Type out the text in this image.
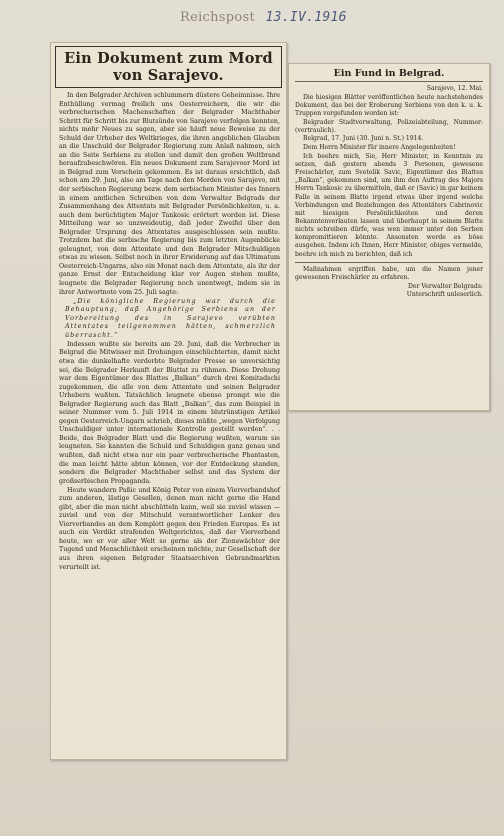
Reichspost 13.IV.1916
Ein Dokument zum Mord
von Sarajevo.

In den Belgrader Archiven schlummern düstere Geheimnisse. Ihre Enthüllung vermag freilich uns Oesterreichern, die wir die verbrecherischen Machenschaften der Belgrader Machthaber Schritt für Schritt bis zur Blutsünde von Sarajevo verfolgen konnten, nichts mehr Neues zu sagen, aber sie häuft neue Beweise zu der Schuld der Urheber des Weltkrieges, die ihren angeblichen Glauben an die Unschuld der Belgrader Regierung zum Anlaß nahmen, sich an die Seite Serbiens zu stellen und damit den großen Weltbrand heraufzubeschwören. Ein neues Dokument zum Sarajevoer Mord ist in Belgrad zum Vorschein gekommen. Es ist daraus ersichtlich, daß schon am 29. Juni, also am Tage nach den Morden von Sarajevo, mit der serbischen Regierung bezw. dem serbischen Minister des Innern in einem amtlichen Schreiben von dem Verwalter Belgrads der Zusammenhang des Attentats mit Belgrader Persönlichkeiten, u. a. auch dem berüchtigten Major Tankosic erörtert worden ist. Diese Mitteilung war so unzweideutig, daß jeder Zweifel über den Belgrader Ursprung des Attentates ausgeschlossen sein mußte. Trotzdem hat die serbische Regierung bis zum letzten Augenblicke geleugnet, von dem Attentate und den Belgrader Mitschuldigen etwas zu wissen. Selbst noch in ihrer Erwiderung auf das Ultimatum Oesterreich-Ungarns, also ein Monat nach dem Attentate, als ihr der ganze Ernst der Entscheidung klar vor Augen stehen mußte, leugnete die Belgrader Regierung noch unentwegt, indem sie in ihrer Antwortnote vom 25. Juli sagte:

„Die königliche Regierung war durch die Behauptung, daß Angehörige Serbiens an der Vorbereitung des in Sarajevo verübten Attentates teilgenommen hätten, schmerzlich überrascht.“

Indessen wußte sie bereits am 29. Juni, daß die Verbrecher in Belgrad die Mitwisser mit Drohungen einschüchterten, damit nicht etwa die dunkelhafte verderbte Belgrader Presse so unvorsichtig sei, die Belgrader Herkunft der Bluttat zu rühmen. Diese Drohung war dem Eigentümer des Blattes „Balkan“ durch drei Komitadschi zugekommen, die alle von dem Attentate und seinen Belgrader Urhebern wußten. Tatsächlich leugnete ebenso prompt wie die Belgrader Regierung auch das Blatt „Balkan“, das zum Beispiel in seiner Nummer vom 5. Juli 1914 in einem blutrünstigen Artikel gegen Oesterreich-Ungarn schrieb, dieses müßte „wegen Verfolgung Unschuldiger unter internationale Kontrolle gestellt werden“. . . Beide, das Belgrader Blatt und die Regierung wußten, warum sie leugneten. Sie kannten die Schuld und Schuldigen ganz genau und wußten, daß nicht etwa nur ein paar verbrecherische Phantasten, die man leicht hätte abtun können, vor der Entdeckung standen, sondern die Belgrader Machthaber selbst und das System der großserbischen Propaganda.

Heute wandern Paßic und König Peter von einem Vierverbandshof zum anderen, lästige Gesellen, denen man nicht gerne die Hand gibt, aber die man nicht abschütteln kann, weil sie zuviel wissen — zuviel und von der Mitschuld verantwortlicher Lenker des Vierverbandes an dem Komplott gegen den Frieden Europas. Es ist auch ein Verdikt strafenden Weltgerichtes, daß der Vierverband heute, wo er vor aller Welt so gerne als der Zionswächter der Tugend und Menschlichkeit erscheinen möchte, zur Gesellschaft der aus ihren eigenen Belgrader Staatsarchiven Gebrandmarkten verurteilt ist.

Ein Fund in Belgrad.

Sarajevo, 12. Mai.

Die hiesigen Blätter veröffentlichen heute nachstehendes Dokument, das bei der Eroberung Serbiens von den k. u. k. Truppen vorgefunden worden ist:

Belgrader Stadtverwaltung, Polizeiabteilung, Nummer: (vertraulich).

Belgrad, 17. Juni (30. Juni n. St.) 1914.

Dem Herrn Minister für innere Angelegenheiten!

Ich beehre mich, Sie, Herr Minister, in Kenntnis zu setzen, daß gestern abends 3 Personen, gewesene Freischärler, zum Svetolik Savic, Eigentümer des Blattes „Balkan“, gekommen sind, um ihm den Auftrag des Majors Herrn Tankosic zu übermitteln, daß er (Savic) in gar keinem Falle in seinem Blatte irgend etwas über irgend welche Verbindungen und Beziehungen des Attentäters Cabrinovic mit hiesigen Persönlichkeiten und deren Bekanntenverlauten lassen und überhaupt in seinem Blatte nichts schreiben dürfe, was wen immer unter den Serben kompromittieren könnte. Ansonsten werde es böse ausgehen. Indem ich Ihnen, Herr Minister, obiges vermelde, beehre ich mich zu berichten, daß ich

Maßnahmen ergriffen habe, um die Namen jener gewesenen Freischärler zu erfahren.

Der Verwalter Belgrads:

Unterschrift unleserlich.
